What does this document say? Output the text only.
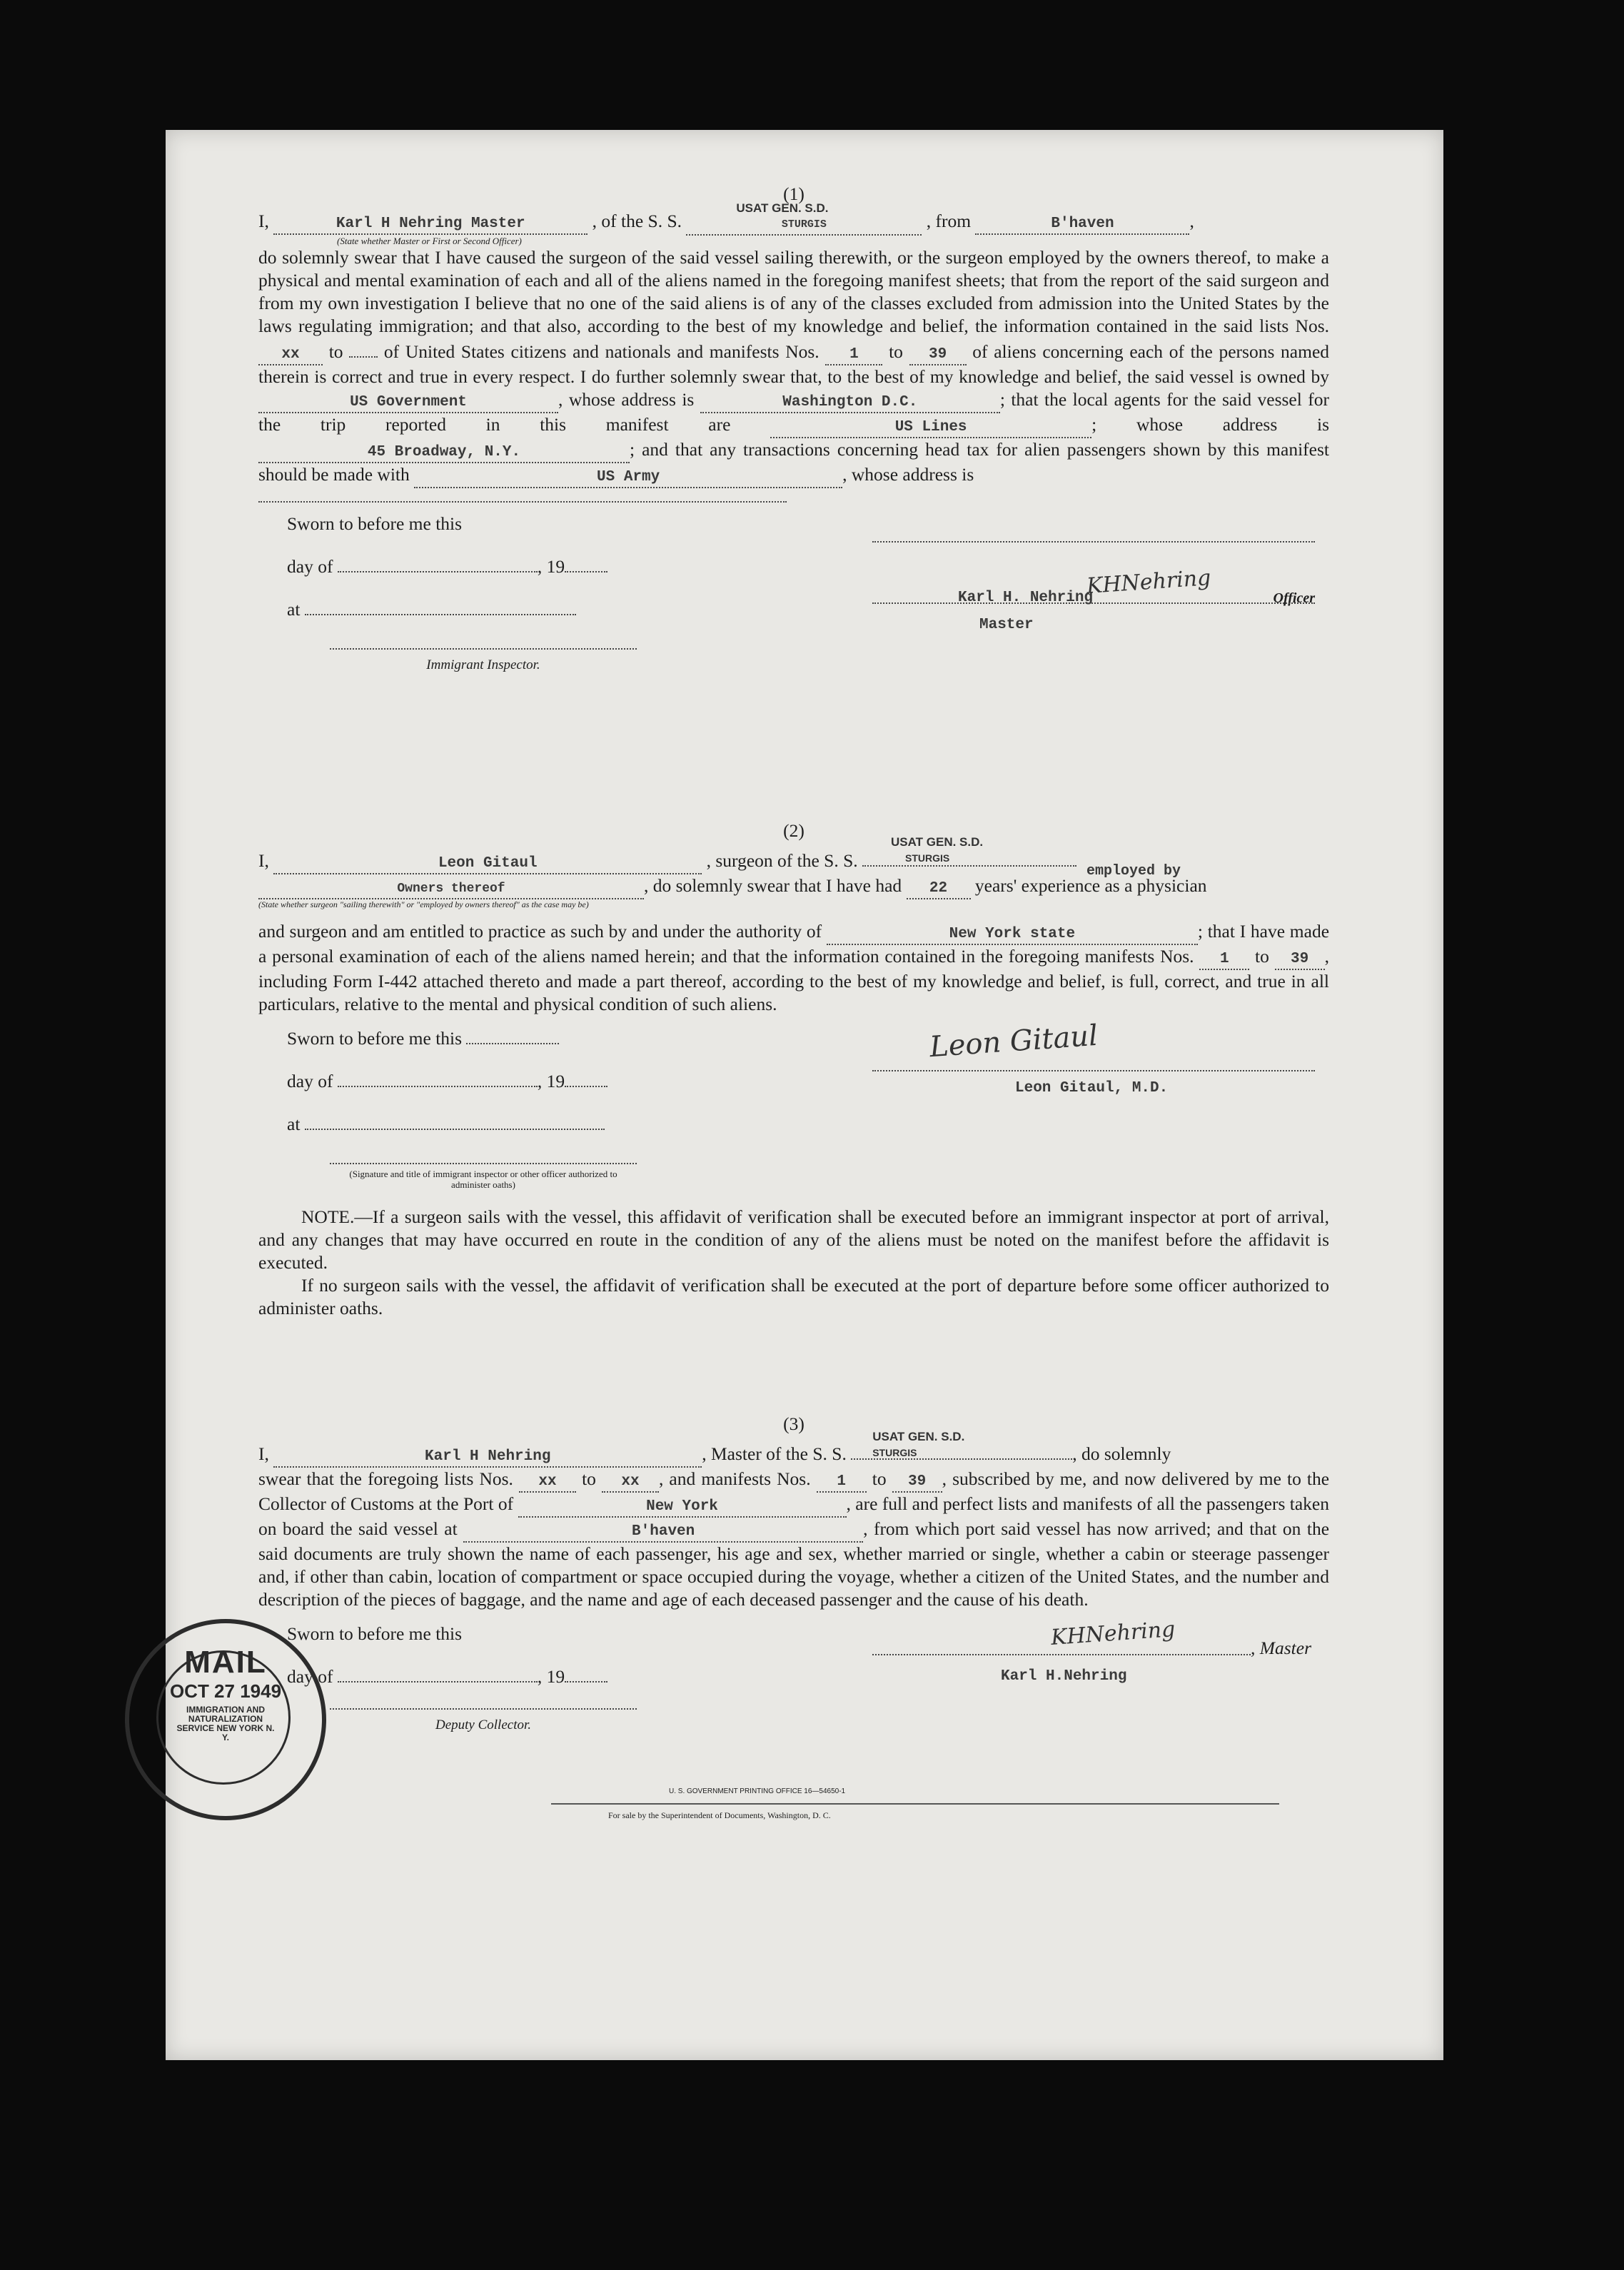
(1)
I,	Karl H Nehring Master	, of the S. S.
USAT GEN. S.D.
STURGIS	, from	B'haven	,
(State whether Master or First or Second Officer)
do solemnly swear that I have caused the surgeon of the said vessel sailing therewith, or the surgeon employed by the owners thereof, to make a physical and mental examination of each and all of the aliens named in the foregoing manifest sheets; that from the report of the said surgeon and from my own investigation I believe that no one of the said aliens is of any of the classes excluded from admission into the United States by the laws regulating immigration; and that also, according to the best of my knowledge and belief, the information contained in the said lists Nos. xx to of United States citizens and nationals and manifests Nos. 1 to 39 of aliens concerning each of the persons named therein is correct and true in every respect. I do further solemnly swear that, to the best of my knowledge and belief, the said vessel is owned by US Government	, whose address is	Washington D.C.	; that the local agents for the said vessel for the trip reported in this manifest are	US Lines	; whose address is 45 Broadway, N.Y.	; and that any transactions concerning head tax for alien passengers shown by this manifest should be made with	US Army	, whose address is
Sworn to before me this
day of	, 19
at
Immigrant Inspector.
Karl H. Nehring
KHNehring	Officer
Master
(2)
I,	Leon Gitaul	, surgeon of the S. S.
USAT GEN. S.D.
STURGIS
Owners thereof	, do solemnly swear that I have had 22 years' experience as a physician
(State whether surgeon "sailing therewith" or "employed by owners thereof" as the case may be)
employed by
and surgeon and am entitled to practice as such by and under the authority of	New York state	; that I have made a personal examination of each of the aliens named herein; and that the information contained in the foregoing manifests Nos. 1 to 39 , including Form I-442 attached thereto and made a part thereof, according to the best of my knowledge and belief, is full, correct, and true in all particulars, relative to the mental and physical condition of such aliens.
Sworn to before me this
day of	, 19
at
(Signature and title of immigrant inspector or other officer authorized to administer oaths)
Leon Gitaul
Leon Gitaul, M.D.
NOTE.—If a surgeon sails with the vessel, this affidavit of verification shall be executed before an immigrant inspector at port of arrival, and any changes that may have occurred en route in the condition of any of the aliens must be noted on the manifest before the affidavit is executed.
If no surgeon sails with the vessel, the affidavit of verification shall be executed at the port of departure before some officer authorized to administer oaths.
(3)
I,	Karl H Nehring	, Master of the S. S.
USAT GEN. S.D.
STURGIS	, do solemnly
swear that the foregoing lists Nos. xx to xx , and manifests Nos. 1 to 39 , subscribed by me, and now delivered by me to the Collector of Customs at the Port of	New York	, are full and perfect lists and manifests of all the passengers taken on board the said vessel at	B'haven	, from which port said vessel has now arrived; and that on the said documents are truly shown the name of each passenger, his age and sex, whether married or single, whether a cabin or steerage passenger and, if other than cabin, location of compartment or space occupied during the voyage, whether a citizen of the United States, and the number and description of the pieces of baggage, and the name and age of each deceased passenger and the cause of his death.
Sworn to before me this
day of	, 19
Deputy Collector.
KHNehring	, Master
Karl H.Nehring
U. S. GOVERNMENT PRINTING OFFICE 16—54650-1
For sale by the Superintendent of Documents, Washington, D. C.
MAIL
OCT 27 1949
IMMIGRATION AND NATURALIZATION SERVICE NEW YORK N. Y.
